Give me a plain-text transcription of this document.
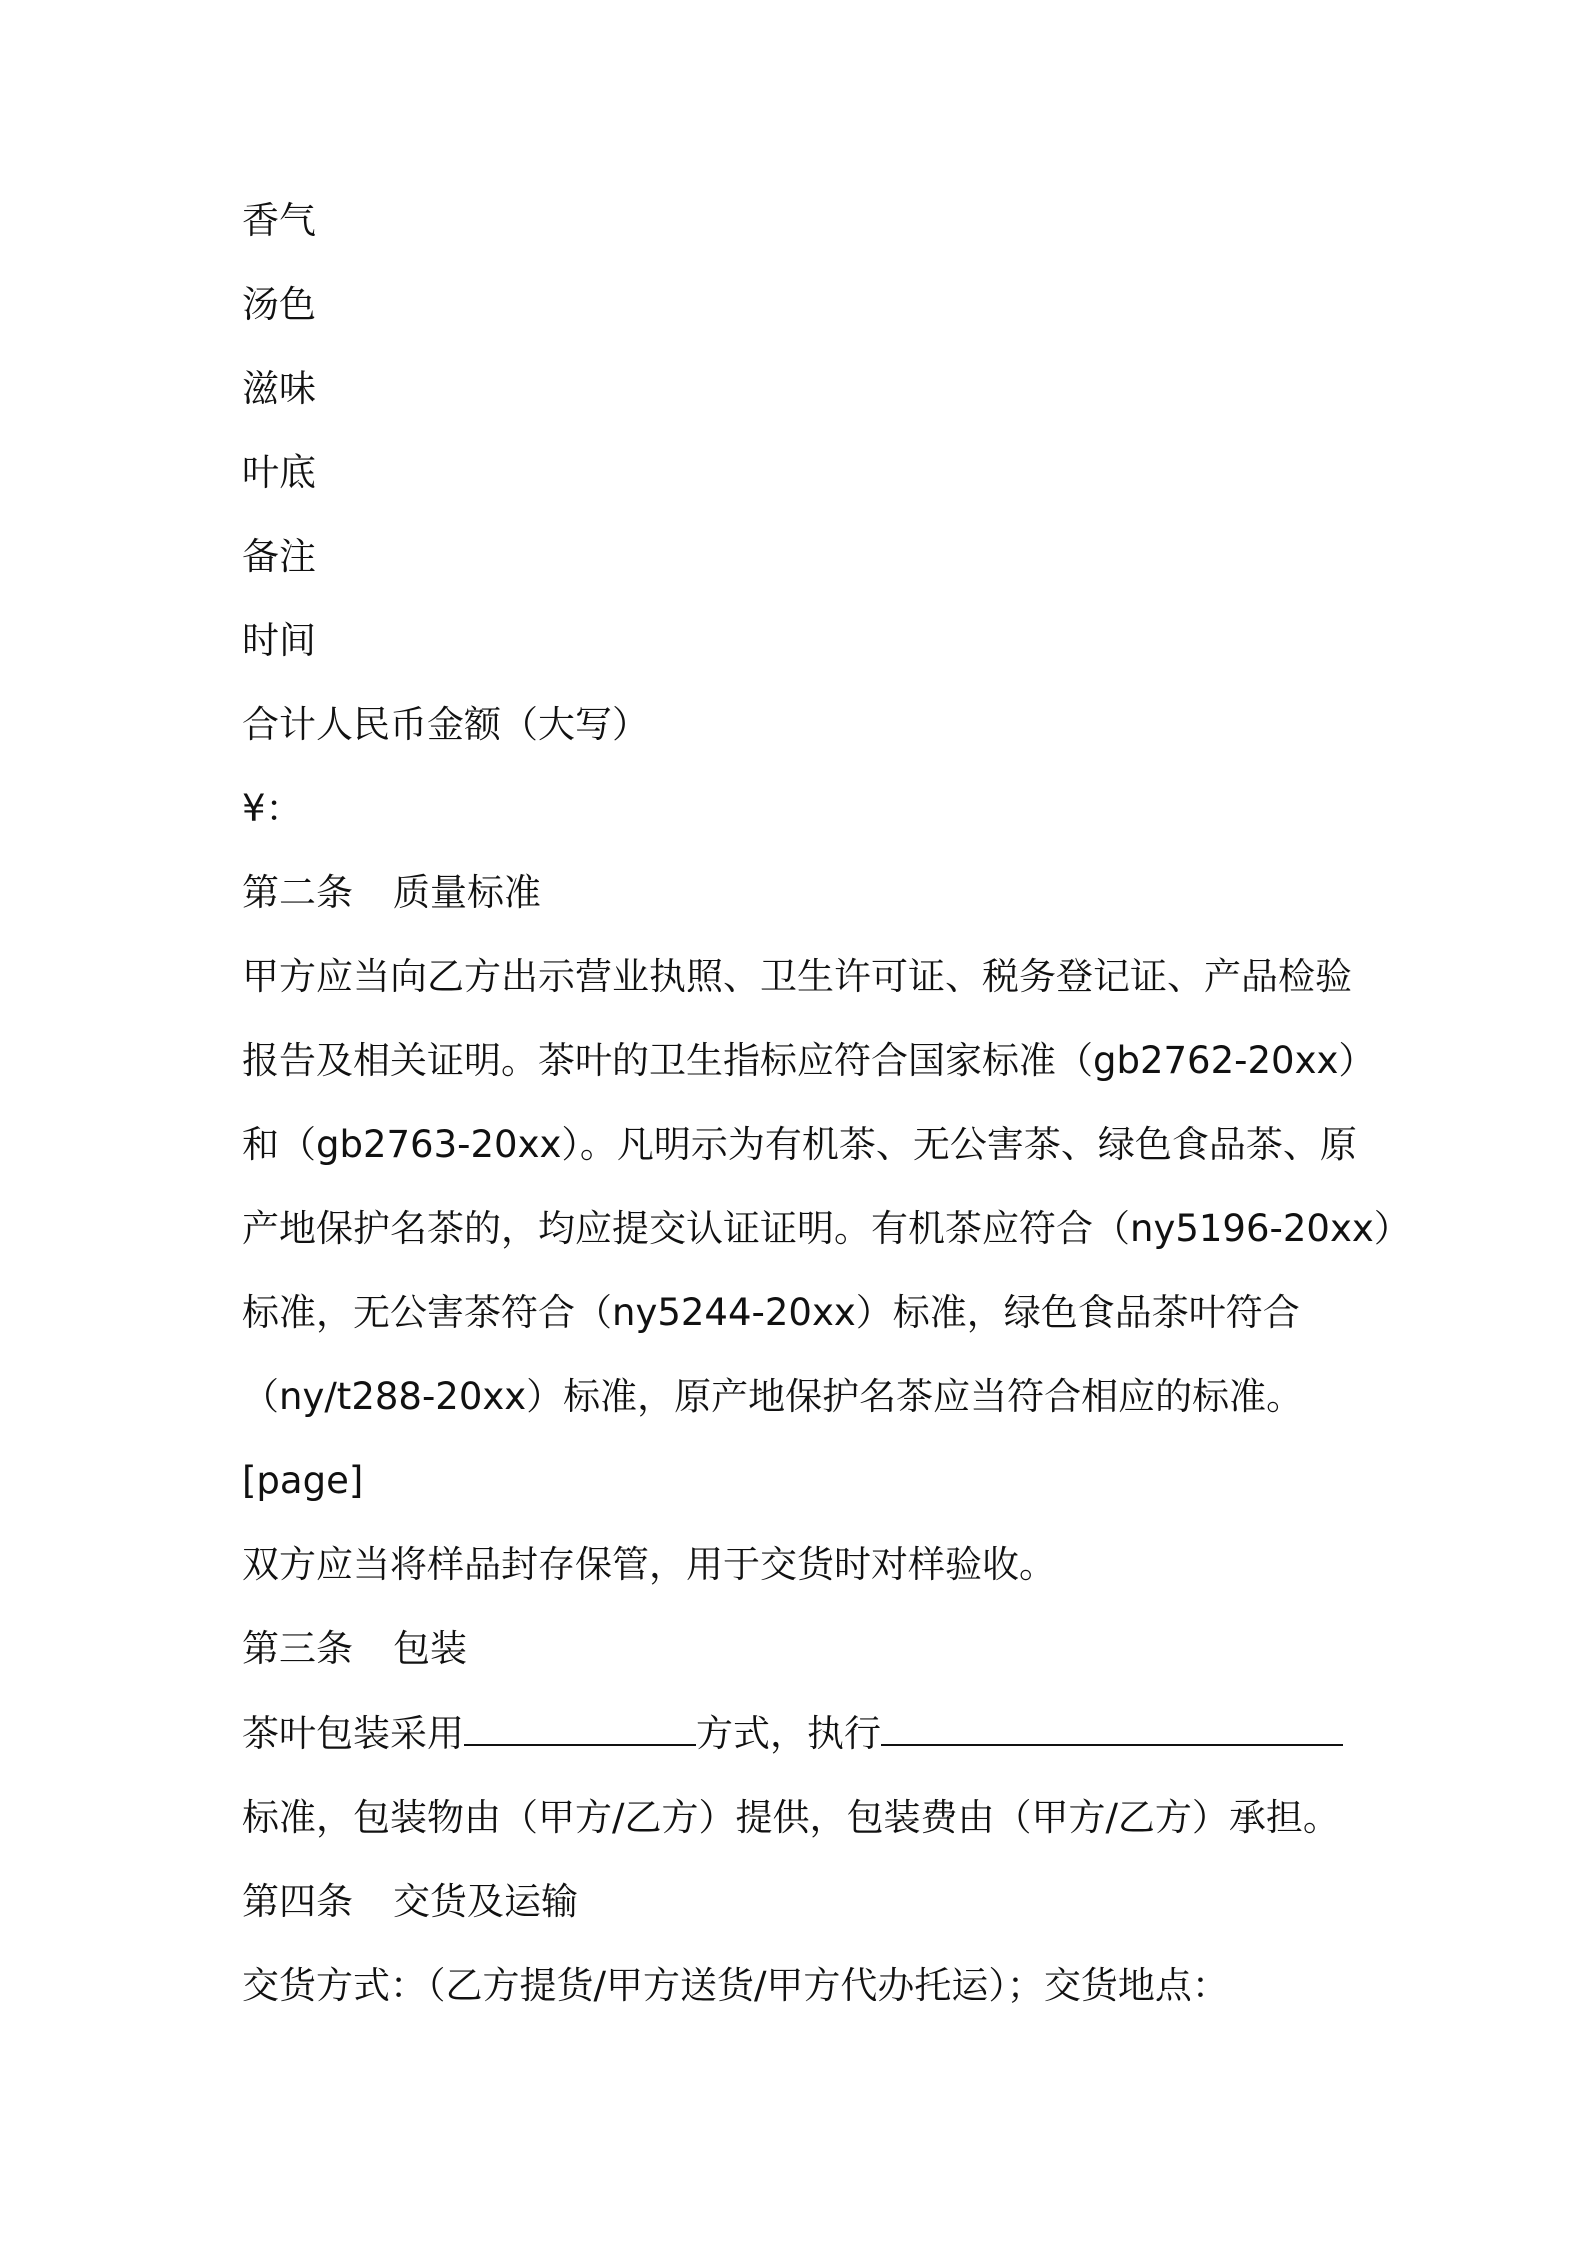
香气
汤色
滋味
叶底
备注
时间
合计人民币金额（大写）
¥：
第二条 质量标准
甲方应当向乙方出示营业执照、卫生许可证、税务登记证、产品检验
报告及相关证明。茶叶的卫生指标应符合国家标准（gb2762-20xx）
和（gb2763-20xx）。凡明示为有机茶、无公害茶、绿色食品茶、原
产地保护名茶的，均应提交认证证明。有机茶应符合（ny5196-20xx）
标准，无公害茶符合（ny5244-20xx）标准，绿色食品茶叶符合
（ny/t288-20xx）标准，原产地保护名茶应当符合相应的标准。
[page]
双方应当将样品封存保管，用于交货时对样验收。
第三条 包装
茶叶包装采用	方式，执行
标准，包装物由（甲方/乙方）提供，包装费由（甲方/乙方）承担。
第四条 交货及运输
交货方式：（乙方提货/甲方送货/甲方代办托运）；交货地点：
